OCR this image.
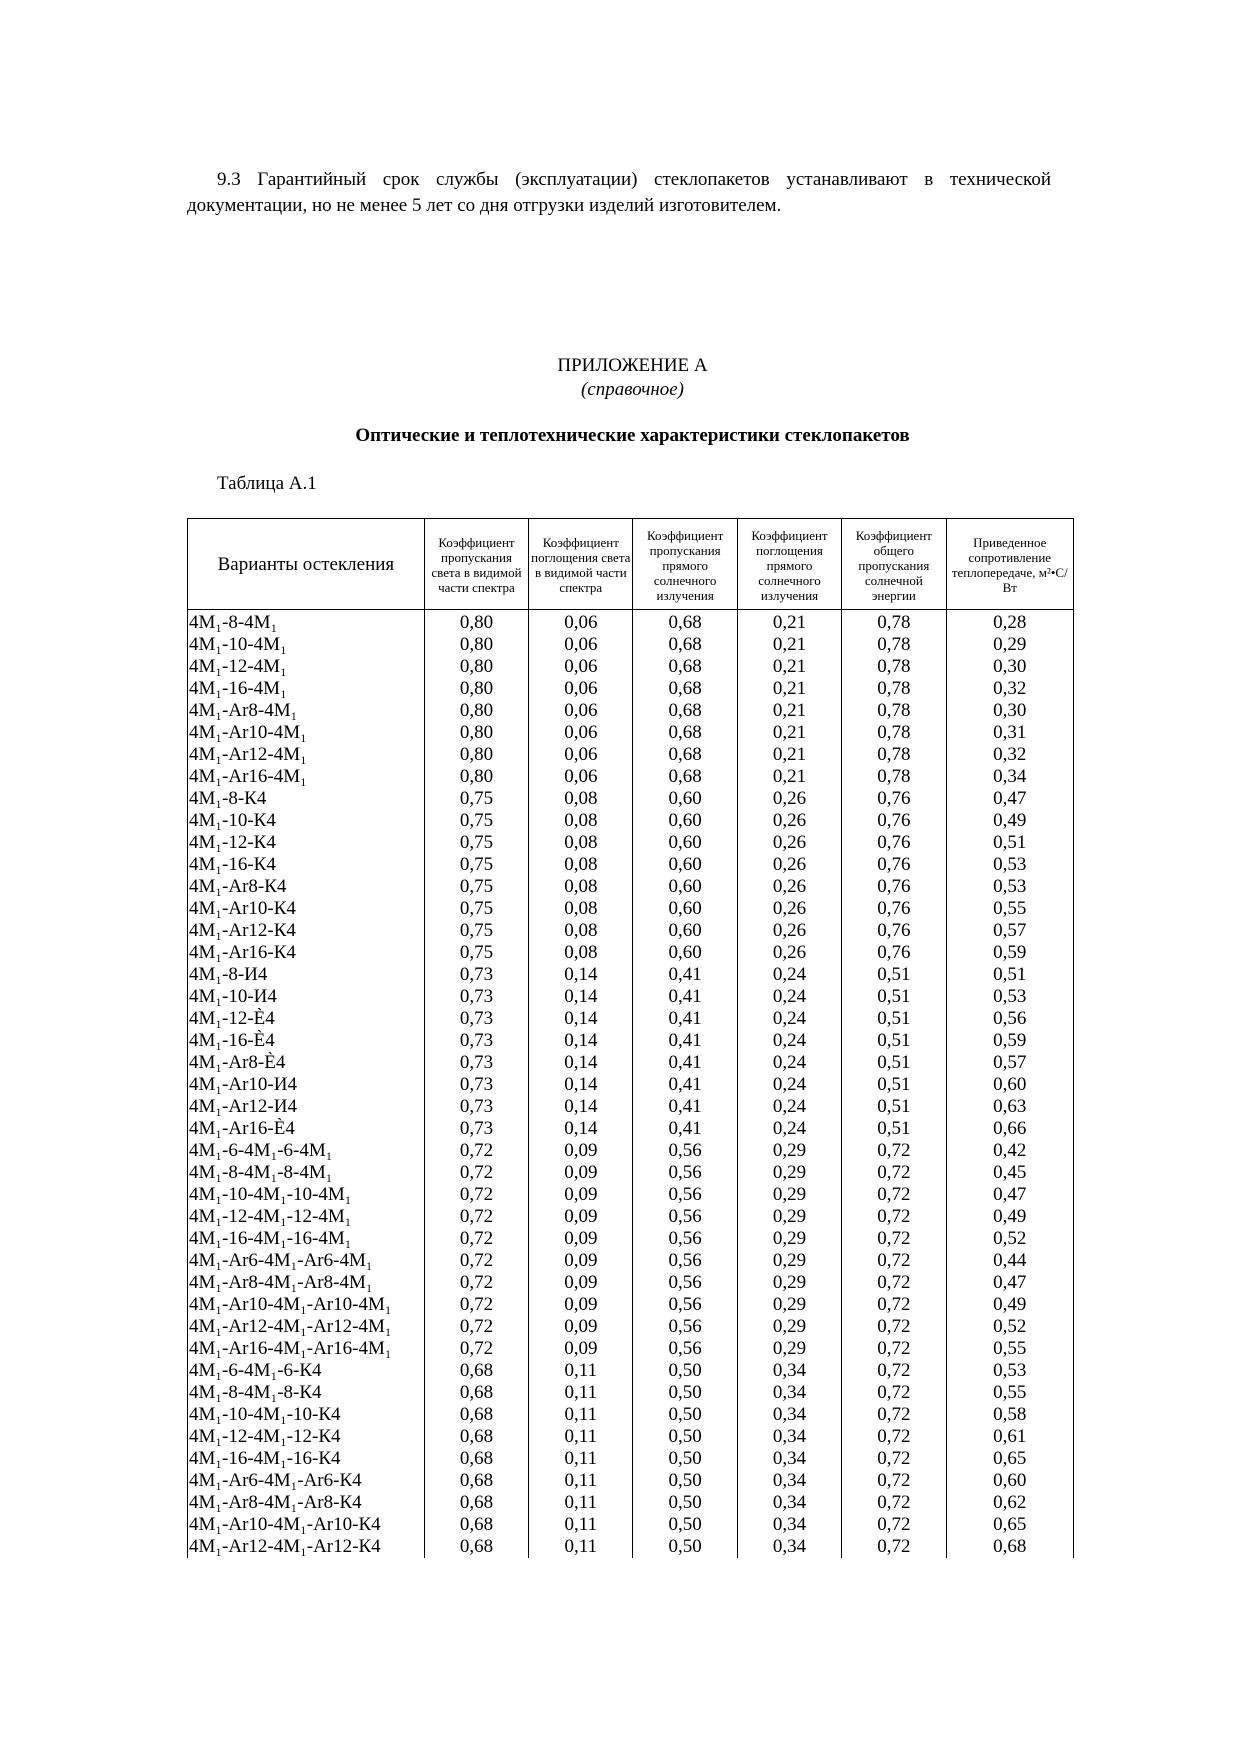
9.3 Гарантийный срок службы (эксплуатации) стеклопакетов устанавливают в технической документации, но не менее 5 лет со дня отгрузки изделий изготовителем.

ПРИЛОЖЕНИЕ А
(справочное)
Оптические и теплотехнические характеристики стеклопакетов
Таблица А.1
Варианты остекления	Коэффициент пропускания света в видимой части спектра	Коэффициент поглощения света в видимой части спектра	Коэффициент пропускания прямого солнечного излучения	Коэффициент поглощения прямого солнечного излучения	Коэффициент общего пропускания солнечной энергии	Приведенное сопротивление теплопередаче, м²•С/Вт
4М₁-8-4М₁	0,80	0,06	0,68	0,21	0,78	0,28
4М₁-10-4М₁	0,80	0,06	0,68	0,21	0,78	0,29
4М₁-12-4М₁	0,80	0,06	0,68	0,21	0,78	0,30
4М₁-16-4М₁	0,80	0,06	0,68	0,21	0,78	0,32
4М₁-Ar8-4М₁	0,80	0,06	0,68	0,21	0,78	0,30
4М₁-Ar10-4М₁	0,80	0,06	0,68	0,21	0,78	0,31
4М₁-Ar12-4М₁	0,80	0,06	0,68	0,21	0,78	0,32
4М₁-Ar16-4М₁	0,80	0,06	0,68	0,21	0,78	0,34
4М₁-8-К4	0,75	0,08	0,60	0,26	0,76	0,47
4М₁-10-К4	0,75	0,08	0,60	0,26	0,76	0,49
4М₁-12-К4	0,75	0,08	0,60	0,26	0,76	0,51
4М₁-16-К4	0,75	0,08	0,60	0,26	0,76	0,53
4М₁-Ar8-К4	0,75	0,08	0,60	0,26	0,76	0,53
4М₁-Ar10-К4	0,75	0,08	0,60	0,26	0,76	0,55
4М₁-Ar12-К4	0,75	0,08	0,60	0,26	0,76	0,57
4М₁-Ar16-К4	0,75	0,08	0,60	0,26	0,76	0,59
4М₁-8-И4	0,73	0,14	0,41	0,24	0,51	0,51
4М₁-10-И4	0,73	0,14	0,41	0,24	0,51	0,53
4М₁-12-È4	0,73	0,14	0,41	0,24	0,51	0,56
4М₁-16-È4	0,73	0,14	0,41	0,24	0,51	0,59
4М₁-Ar8-È4	0,73	0,14	0,41	0,24	0,51	0,57
4М₁-Ar10-И4	0,73	0,14	0,41	0,24	0,51	0,60
4М₁-Ar12-И4	0,73	0,14	0,41	0,24	0,51	0,63
4М₁-Ar16-È4	0,73	0,14	0,41	0,24	0,51	0,66
4М₁-6-4М₁-6-4М₁	0,72	0,09	0,56	0,29	0,72	0,42
4М₁-8-4М₁-8-4М₁	0,72	0,09	0,56	0,29	0,72	0,45
4М₁-10-4М₁-10-4М₁	0,72	0,09	0,56	0,29	0,72	0,47
4М₁-12-4М₁-12-4М₁	0,72	0,09	0,56	0,29	0,72	0,49
4М₁-16-4М₁-16-4М₁	0,72	0,09	0,56	0,29	0,72	0,52
4М₁-Ar6-4М₁-Ar6-4М₁	0,72	0,09	0,56	0,29	0,72	0,44
4М₁-Ar8-4М₁-Ar8-4М₁	0,72	0,09	0,56	0,29	0,72	0,47
4М₁-Ar10-4М₁-Ar10-4М₁	0,72	0,09	0,56	0,29	0,72	0,49
4М₁-Ar12-4М₁-Ar12-4М₁	0,72	0,09	0,56	0,29	0,72	0,52
4М₁-Ar16-4М₁-Ar16-4М₁	0,72	0,09	0,56	0,29	0,72	0,55
4М₁-6-4М₁-6-К4	0,68	0,11	0,50	0,34	0,72	0,53
4М₁-8-4М₁-8-К4	0,68	0,11	0,50	0,34	0,72	0,55
4М₁-10-4М₁-10-К4	0,68	0,11	0,50	0,34	0,72	0,58
4М₁-12-4М₁-12-К4	0,68	0,11	0,50	0,34	0,72	0,61
4М₁-16-4М₁-16-К4	0,68	0,11	0,50	0,34	0,72	0,65
4М₁-Ar6-4М₁-Ar6-К4	0,68	0,11	0,50	0,34	0,72	0,60
4М₁-Ar8-4М₁-Ar8-К4	0,68	0,11	0,50	0,34	0,72	0,62
4М₁-Ar10-4М₁-Ar10-К4	0,68	0,11	0,50	0,34	0,72	0,65
4М₁-Ar12-4М₁-Ar12-К4	0,68	0,11	0,50	0,34	0,72	0,68
